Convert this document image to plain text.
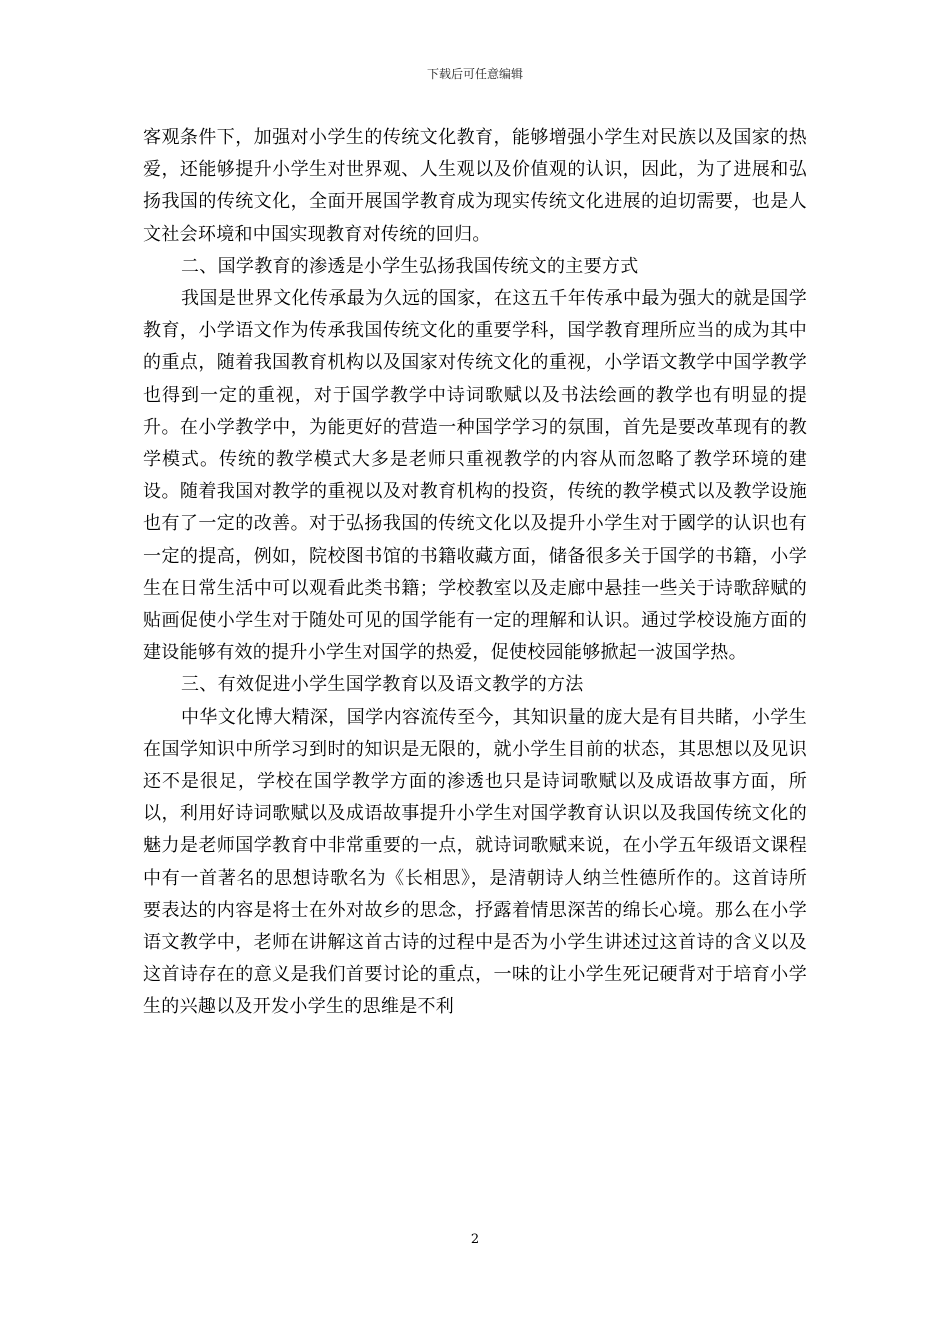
下载后可任意编辑

客观条件下，加强对小学生的传统文化教育，能够增强小学生对民族以及国家的热爱，还能够提升小学生对世界观、人生观以及价值观的认识，因此，为了进展和弘扬我国的传统文化，全面开展国学教育成为现实传统文化进展的迫切需要，也是人文社会环境和中国实现教育对传统的回归。

二、国学教育的渗透是小学生弘扬我国传统文的主要方式

我国是世界文化传承最为久远的国家，在这五千年传承中最为强大的就是国学教育，小学语文作为传承我国传统文化的重要学科，国学教育理所应当的成为其中的重点，随着我国教育机构以及国家对传统文化的重视，小学语文教学中国学教学也得到一定的重视，对于国学教学中诗词歌赋以及书法绘画的教学也有明显的提升。在小学教学中，为能更好的营造一种国学学习的氛围，首先是要改革现有的教学模式。传统的教学模式大多是老师只重视教学的内容从而忽略了教学环境的建设。随着我国对教学的重视以及对教育机构的投资，传统的教学模式以及教学设施也有了一定的改善。对于弘扬我国的传统文化以及提升小学生对于國学的认识也有一定的提高，例如，院校图书馆的书籍收藏方面，储备很多关于国学的书籍，小学生在日常生活中可以观看此类书籍；学校教室以及走廊中悬挂一些关于诗歌辞赋的贴画促使小学生对于随处可见的国学能有一定的理解和认识。通过学校设施方面的建设能够有效的提升小学生对国学的热爱，促使校园能够掀起一波国学热。

三、有效促进小学生国学教育以及语文教学的方法

中华文化博大精深，国学内容流传至今，其知识量的庞大是有目共睹，小学生在国学知识中所学习到时的知识是无限的，就小学生目前的状态，其思想以及见识还不是很足，学校在国学教学方面的渗透也只是诗词歌赋以及成语故事方面，所以，利用好诗词歌赋以及成语故事提升小学生对国学教育认识以及我国传统文化的魅力是老师国学教育中非常重要的一点，就诗词歌赋来说，在小学五年级语文课程中有一首著名的思想诗歌名为《长相思》，是清朝诗人纳兰性德所作的。这首诗所要表达的内容是将士在外对故乡的思念，抒露着情思深苦的绵长心境。那么在小学语文教学中，老师在讲解这首古诗的过程中是否为小学生讲述过这首诗的含义以及这首诗存在的意义是我们首要讨论的重点，一味的让小学生死记硬背对于培育小学生的兴趣以及开发小学生的思维是不利

2
